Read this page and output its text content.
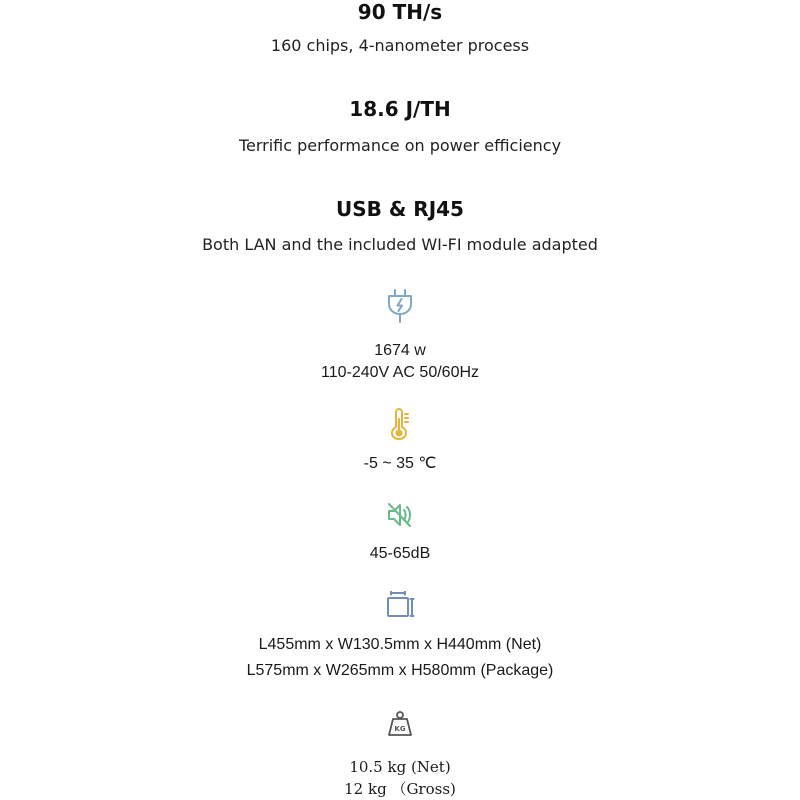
90 TH/s
160 chips, 4-nanometer process
18.6 J/TH
Terrific performance on power efficiency
USB & RJ45
Both LAN and the included WI-FI module adapted
1674 w
110-240V AC 50/60Hz
-5 ~ 35 ℃
45-65dB
L455mm x W130.5mm x H440mm (Net)
L575mm x W265mm x H580mm (Package)
KG
10.5 kg (Net)
12 kg （Gross)
